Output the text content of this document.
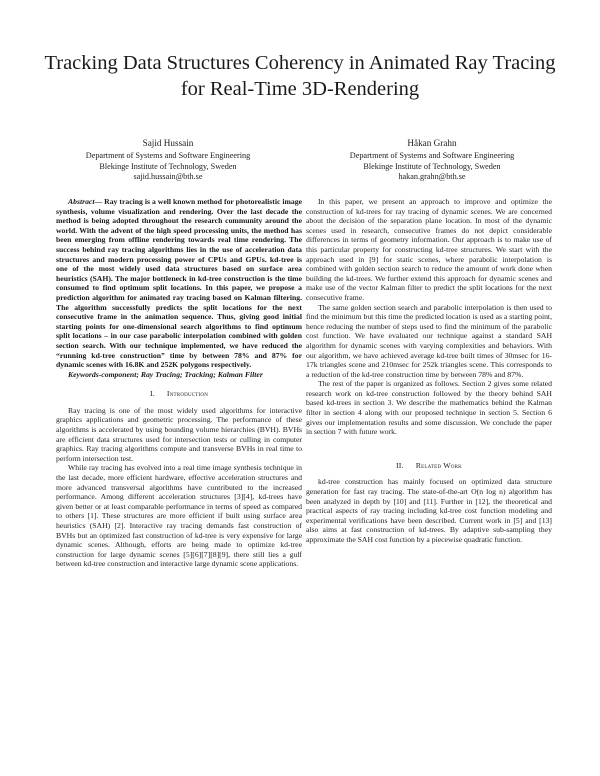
Tracking Data Structures Coherency in Animated Ray Tracing for Real-Time 3D-Rendering
Sajid Hussain
Department of Systems and Software Engineering
Blekinge Institute of Technology, Sweden
sajid.hussain@bth.se
Håkan Grahn
Department of Systems and Software Engineering
Blekinge Institute of Technology, Sweden
hakan.grahn@bth.se

Abstract— Ray tracing is a well known method for photorealistic image synthesis, volume visualization and rendering. Over the last decade the method is being adopted throughout the research community around the world. With the advent of the high speed processing units, the method has been emerging from offline rendering towards real time rendering. The success behind ray tracing algorithms lies in the use of acceleration data structures and modern processing power of CPUs and GPUs. kd-tree is one of the most widely used data structures based on surface area heuristics (SAH). The major bottleneck in kd-tree construction is the time consumed to find optimum split locations. In this paper, we propose a prediction algorithm for animated ray tracing based on Kalman filtering. The algorithm successfully predicts the split locations for the next consecutive frame in the animation sequence. Thus, giving good initial starting points for one-dimensional search algorithms to find optimum split locations – in our case parabolic interpolation combined with golden section search. With our technique implemented, we have reduced the “running kd-tree construction” time by between 78% and 87% for dynamic scenes with 16.8K and 252K polygons respectively.

Keywords-component; Ray Tracing; Tracking; Kalman Filter

I. Introduction

Ray tracing is one of the most widely used algorithms for interactive graphics applications and geometric processing. The performance of these algorithms is accelerated by using bounding volume hierarchies (BVH). BVHs are efficient data structures used for intersection tests or culling in computer graphics. Ray tracing algorithms compute and transverse BVHs in real time to perform intersection test.

While ray tracing has evolved into a real time image synthesis technique in the last decade, more efficient hardware, effective acceleration structures and more advanced transversal algorithms have contributed to the increased performance. Among different acceleration structures [3][4], kd-trees have given better or at least comparable performance in terms of speed as compared to others [1]. These structures are more efficient if built using surface area heuristics (SAH) [2]. Interactive ray tracing demands fast construction of BVHs but an optimized fast construction of kd-tree is very expensive for large dynamic scenes. Although, efforts are being made to optimize kd-tree construction for large dynamic scenes [5][6][7][8][9], there still lies a gulf between kd-tree construction and interactive large dynamic scene applications.

In this paper, we present an approach to improve and optimize the construction of kd-trees for ray tracing of dynamic scenes. We are concerned about the decision of the separation plane location. In most of the dynamic scenes used in research, consecutive frames do not depict considerable differences in terms of geometry information. Our approach is to make use of this particular property for constructing kd-tree structures. We start with the approach used in [9] for static scenes, where parabolic interpolation is combined with golden section search to reduce the amount of work done when building the kd-trees. We further extend this approach for dynamic scenes and make use of the vector Kalman filter to predict the split locations for the next consecutive frame.

The same golden section search and parabolic interpolation is then used to find the minimum but this time the predicted location is used as a starting point, hence reducing the number of steps used to find the minimum of the parabolic cost function. We have evaluated our technique against a standard SAH algorithm for dynamic scenes with varying complexities and behaviors. With our algorithm, we have achieved average kd-tree built times of 30msec for 16-17k triangles scene and 210msec for 252k triangles scene. This corresponds to a reduction of the kd-tree construction time by between 78% and 87%.

The rest of the paper is organized as follows. Section 2 gives some related research work on kd-tree construction followed by the theory behind SAH based kd-trees in section 3. We describe the mathematics behind the Kalman filter in section 4 along with our proposed technique in section 5. Section 6 gives our implementation results and some discussion. We conclude the paper in section 7 with future work.

II. Related Work

kd-tree construction has mainly focused on optimized data structure generation for fast ray tracing. The state-of-the-art O(n log n) algorithm has been analyzed in depth by [10] and [11]. Further in [12], the theoretical and practical aspects of ray tracing including kd-tree cost function modeling and experimental verifications have been described. Current work in [5] and [13] also aims at fast construction of kd-trees. By adaptive sub-sampling they approximate the SAH cost function by a piecewise quadratic function.
